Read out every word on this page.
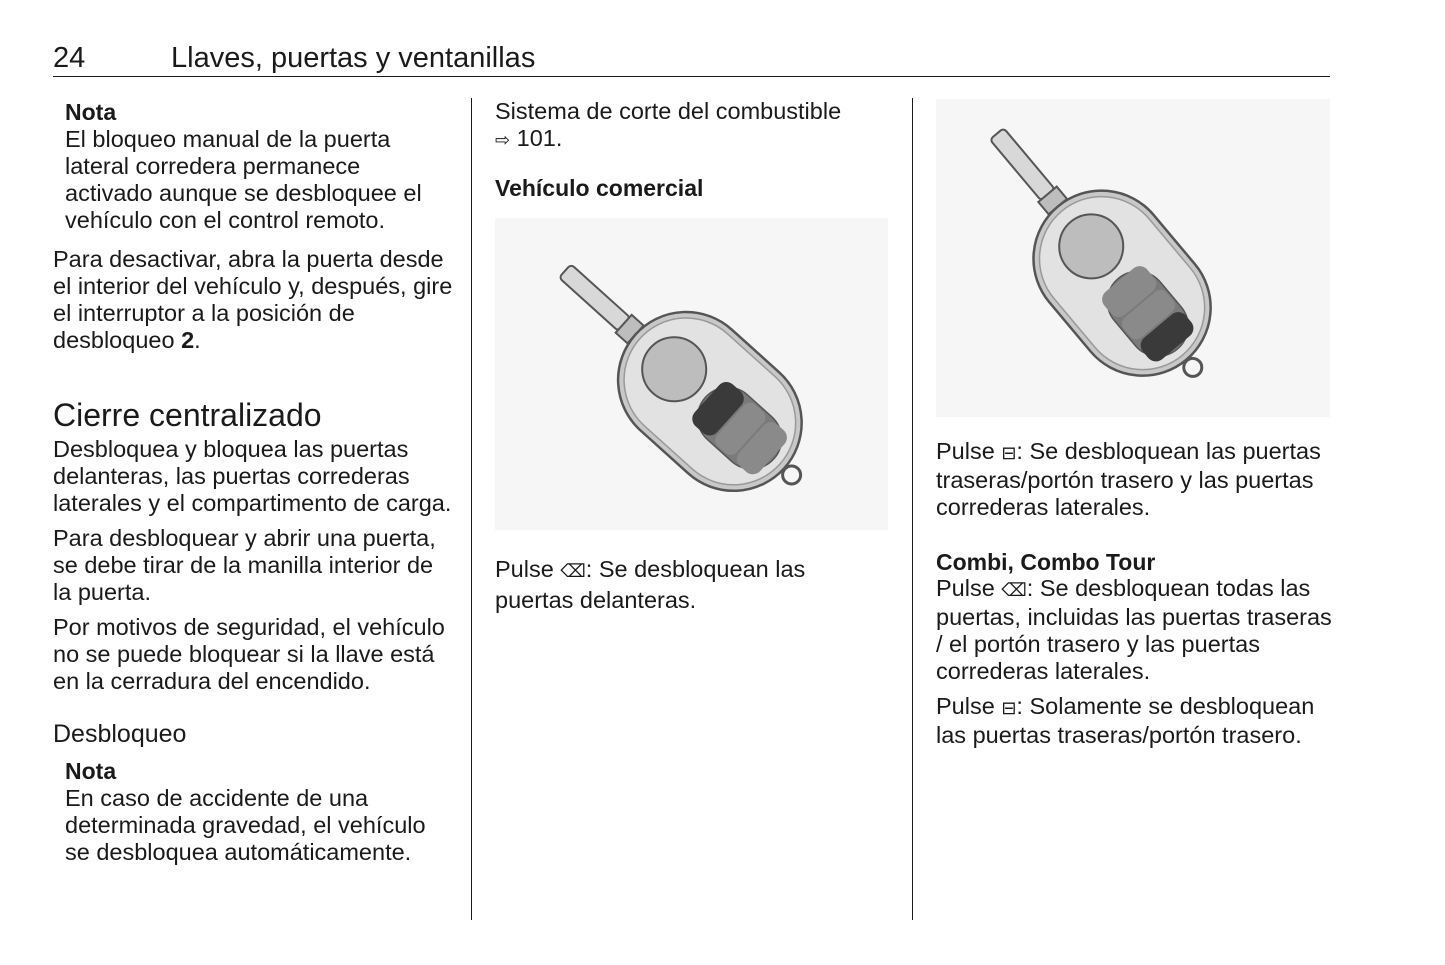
24	Llaves, puertas y ventanillas
Nota

El bloqueo manual de la puerta lateral corredera permanece activado aunque se desbloquee el vehículo con el control remoto.

Para desactivar, abra la puerta desde el interior del vehículo y, después, gire el interruptor a la posición de desbloqueo 2.

Cierre centralizado

Desbloquea y bloquea las puertas delanteras, las puertas correderas laterales y el compartimento de carga.

Para desbloquear y abrir una puerta, se debe tirar de la manilla interior de la puerta.

Por motivos de seguridad, el vehículo no se puede bloquear si la llave está en la cerradura del encendido.

Desbloqueo
Nota

En caso de accidente de una determinada gravedad, el vehículo se desbloquea automáticamente.

Sistema de corte del combustible
⇨ 101.

Vehículo comercial
Pulse ⌫: Se desbloquean las puertas delanteras.

Pulse ⊟: Se desbloquean las puertas traseras/portón trasero y las puertas correderas laterales.

Combi, Combo Tour

Pulse ⌫: Se desbloquean todas las puertas, incluidas las puertas traseras / el portón trasero y las puertas correderas laterales.

Pulse ⊟: Solamente se desbloquean las puertas traseras/portón trasero.
